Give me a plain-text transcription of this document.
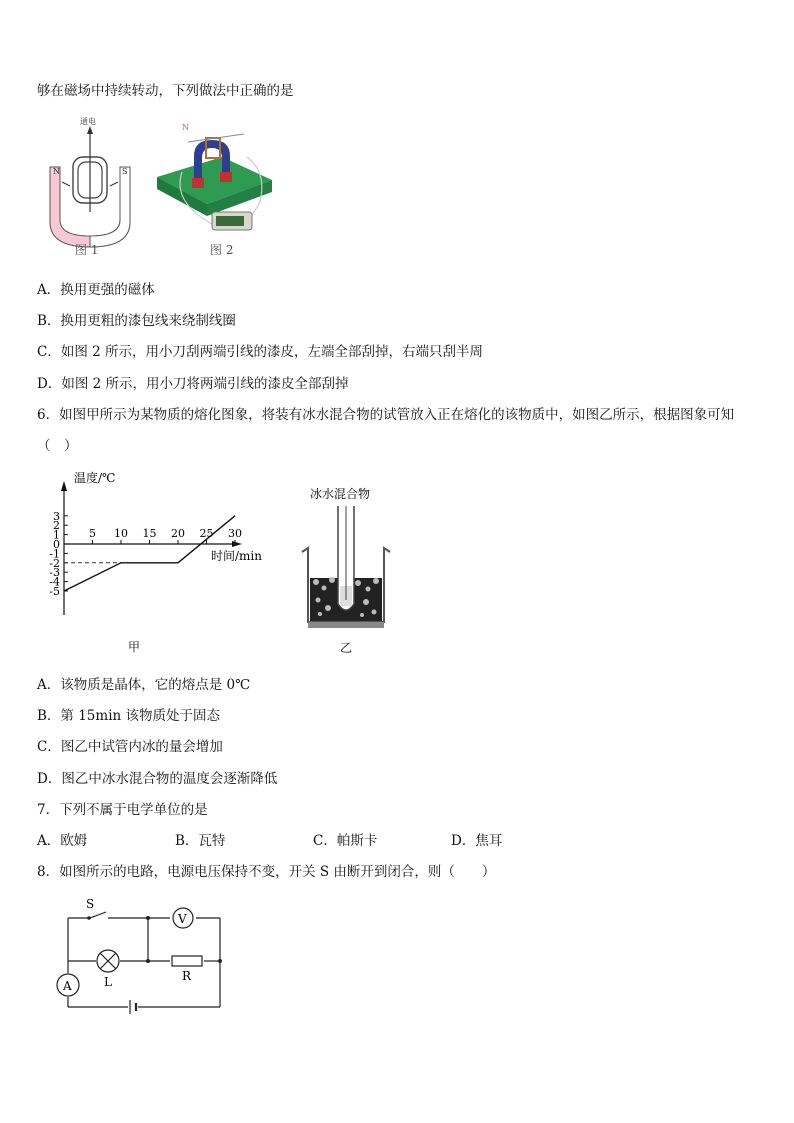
够在磁场中持续转动，下列做法中正确的是
通电
N	S
图 1
N
图 2
A．换用更强的磁体
B．换用更粗的漆包线来绕制线圈
C．如图 2 所示，用小刀刮两端引线的漆皮，左端全部刮掉，右端只刮半周
D．如图 2 所示，用小刀将两端引线的漆皮全部刮掉
6．如图甲所示为某物质的熔化图象，将装有冰水混合物的试管放入正在熔化的该物质中，如图乙所示，根据图象可知
（　）
温度/℃
时间/min
3
2
1
0
-1
-2
-3
-4
-5
5 10 15 20 25 30
甲
冰水混合物
乙
A．该物质是晶体，它的熔点是 0℃
B．第 15min 该物质处于固态
C．图乙中试管内冰的量会增加
D．图乙中冰水混合物的温度会逐渐降低
7．下列不属于电学单位的是
A．欧姆	B．瓦特	C．帕斯卡	D．焦耳
8．如图所示的电路，电源电压保持不变，开关 S 由断开到闭合，则（　　）
V
L	R
A
S
